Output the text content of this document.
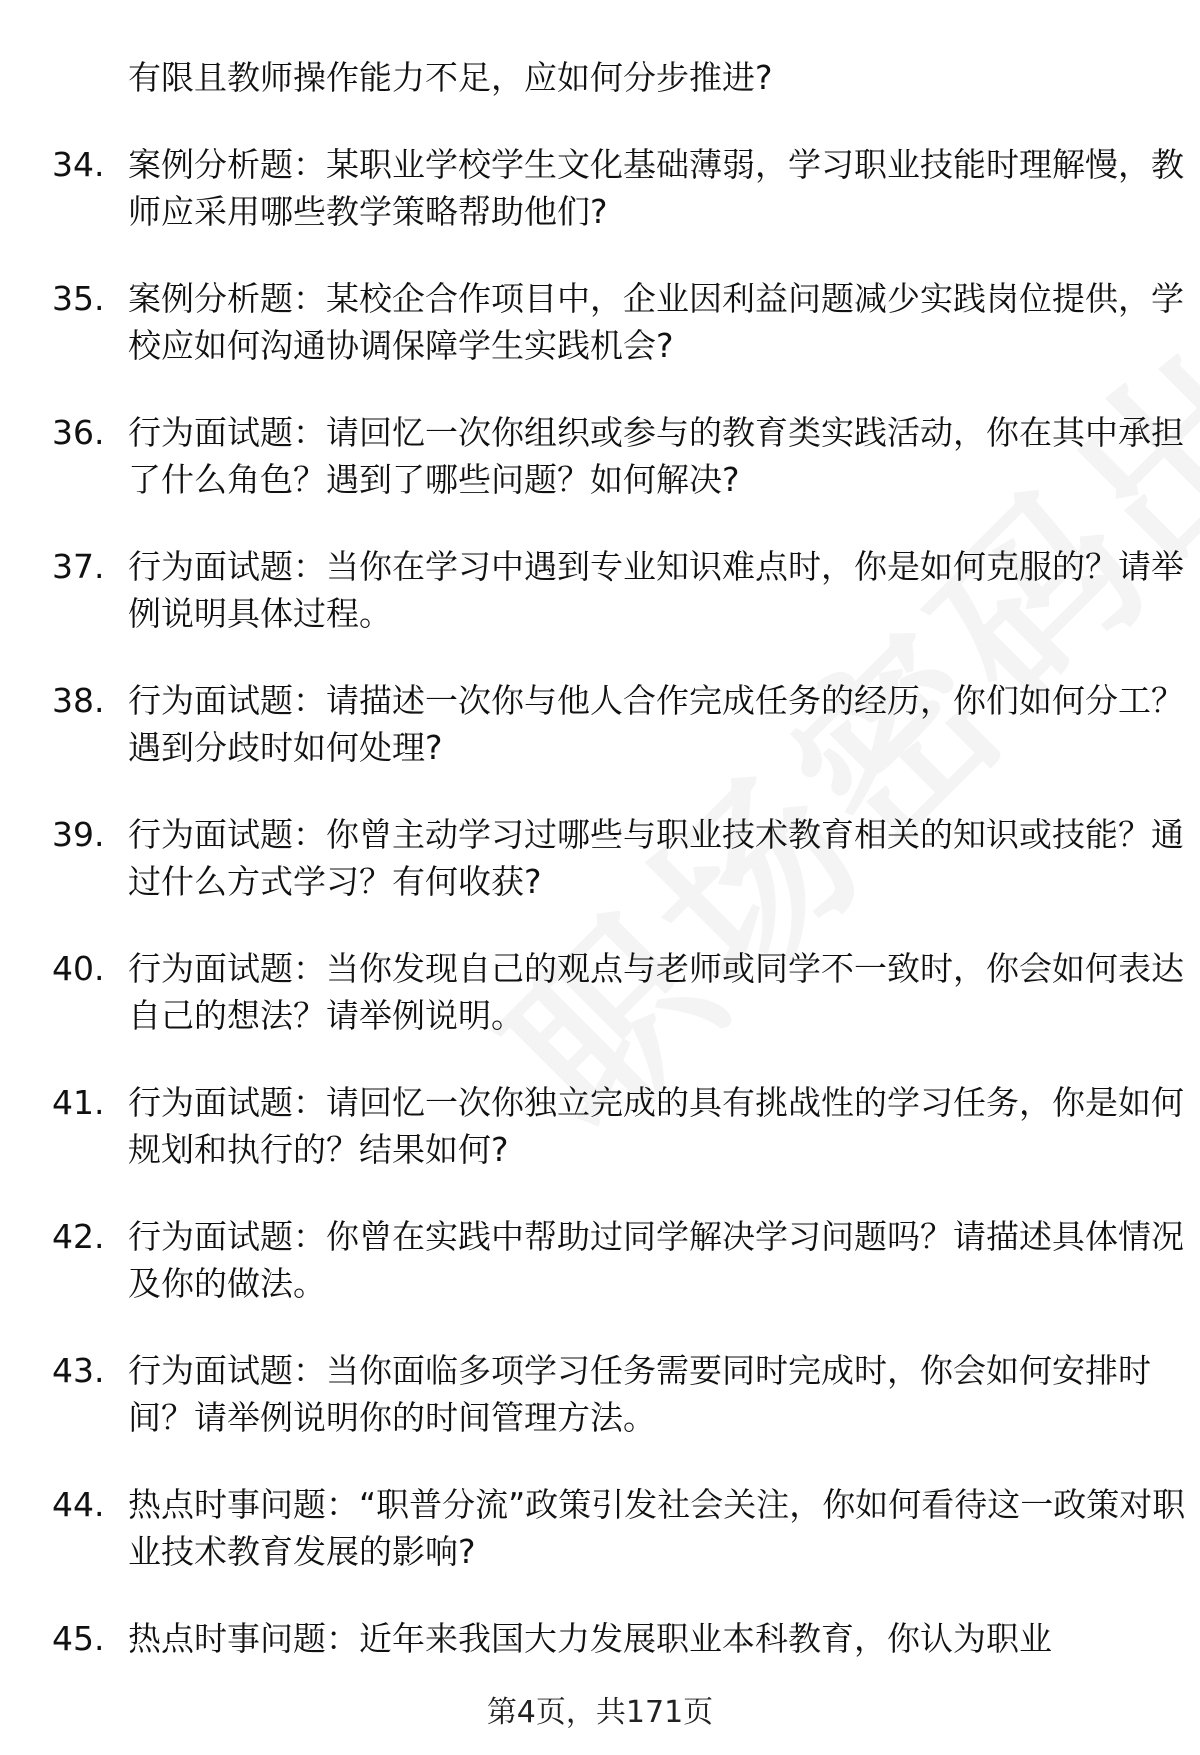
有限且教师操作能力不足，应如何分步推进?
34. 案例分析题：某职业学校学生文化基础薄弱，学习职业技能时理解慢，教师应采用哪些教学策略帮助他们?
35. 案例分析题：某校企合作项目中，企业因利益问题减少实践岗位提供，学校应如何沟通协调保障学生实践机会?
36. 行为面试题：请回忆一次你组织或参与的教育类实践活动，你在其中承担了什么角色？遇到了哪些问题？如何解决?
37. 行为面试题：当你在学习中遇到专业知识难点时，你是如何克服的？请举例说明具体过程。
38. 行为面试题：请描述一次你与他人合作完成任务的经历，你们如何分工？遇到分歧时如何处理?
39. 行为面试题：你曾主动学习过哪些与职业技术教育相关的知识或技能？通过什么方式学习？有何收获?
40. 行为面试题：当你发现自己的观点与老师或同学不一致时，你会如何表达自己的想法？请举例说明。
41. 行为面试题：请回忆一次你独立完成的具有挑战性的学习任务，你是如何规划和执行的？结果如何?
42. 行为面试题：你曾在实践中帮助过同学解决学习问题吗？请描述具体情况及你的做法。
43. 行为面试题：当你面临多项学习任务需要同时完成时，你会如何安排时间？请举例说明你的时间管理方法。
44. 热点时事问题：“职普分流”政策引发社会关注，你如何看待这一政策对职业技术教育发展的影响?
45. 热点时事问题：近年来我国大力发展职业本科教育，你认为职业
第4页，共171页
